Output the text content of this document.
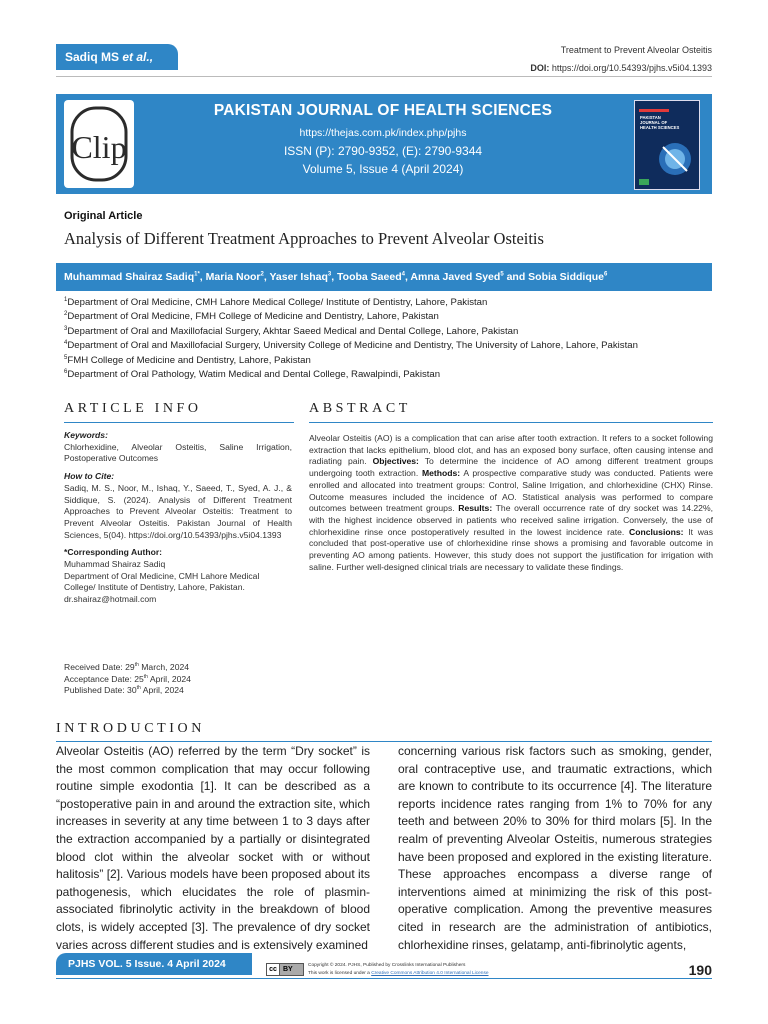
Sadiq MS et al.,	Treatment to Prevent Alveolar Osteitis
DOI: https://doi.org/10.54393/pjhs.v5i04.1393
Clip
PAKISTAN JOURNAL OF HEALTH SCIENCES
https://thejas.com.pk/index.php/pjhs
ISSN (P): 2790-9352, (E): 2790-9344
Volume 5, Issue 4 (April 2024)
PAKISTAN
JOURNAL OF
HEALTH SCIENCES
Original Article
Analysis of Different Treatment Approaches to Prevent Alveolar Osteitis
Muhammad Shairaz Sadiq$^{1*}$, Maria Noor$^2$, Yaser Ishaq$^3$, Tooba Saeed$^4$, Amna Javed Syed$^5$ and Sobia Siddique$^6$
$^1$Department of Oral Medicine, CMH Lahore Medical College/ Institute of Dentistry, Lahore, Pakistan
$^2$Department of Oral Medicine, FMH College of Medicine and Dentistry, Lahore, Pakistan
$^3$Department of Oral and Maxillofacial Surgery, Akhtar Saeed Medical and Dental College, Lahore, Pakistan
$^4$Department of Oral and Maxillofacial Surgery, University College of Medicine and Dentistry, The University of Lahore, Lahore, Pakistan
$^5$FMH College of Medicine and Dentistry, Lahore, Pakistan
$^6$Department of Oral Pathology, Watim Medical and Dental College, Rawalpindi, Pakistan
ARTICLE INFO	ABSTRACT
Keywords:
Chlorhexidine, Alveolar Osteitis, Saline Irrigation, Postoperative Outcomes
How to Cite:
Sadiq, M. S., Noor, M., Ishaq, Y., Saeed, T., Syed, A. J., & Siddique, S. (2024). Analysis of Different Treatment Approaches to Prevent Alveolar Osteitis: Treatment to Prevent Alveolar Osteitis. Pakistan Journal of Health Sciences, 5(04). https://doi.org/10.54393/pjhs.v5i04.1393
*Corresponding Author:
Muhammad Shairaz Sadiq
Department of Oral Medicine, CMH Lahore Medical College/ Institute of Dentistry, Lahore, Pakistan.
dr.shairaz@hotmail.com
Received Date: 29th March, 2024
Acceptance Date: 25th April, 2024
Published Date: 30th April, 2024
Alveolar Osteitis (AO) is a complication that can arise after tooth extraction. It refers to a socket following extraction that lacks epithelium, blood clot, and has an exposed bony surface, often causing intense and radiating pain. Objectives: To determine the incidence of AO among different treatment groups undergoing tooth extraction. Methods: A prospective comparative study was conducted. Patients were enrolled and allocated into treatment groups: Control, Saline Irrigation, and chlorhexidine (CHX) Rinse. Outcome measures included the incidence of AO. Statistical analysis was performed to compare outcomes between treatment groups. Results: The overall occurrence rate of dry socket was 14.22%, with the highest incidence observed in patients who received saline irrigation. Conversely, the use of chlorhexidine rinse once postoperatively resulted in the lowest incidence rate. Conclusions: It was concluded that post-operative use of chlorhexidine rinse shows a promising and favorable outcome in preventing AO among patients. However, this study does not support the justification for irrigation with saline. Further well-designed clinical trials are necessary to validate these findings.
INTRODUCTION
Alveolar Osteitis (AO) referred by the term “Dry socket” is the most common complication that may occur following routine simple exodontia [1]. It can be described as a “postoperative pain in and around the extraction site, which increases in severity at any time between 1 to 3 days after the extraction accompanied by a partially or disintegrated blood clot within the alveolar socket with or without halitosis” [2]. Various models have been proposed about its pathogenesis, which elucidates the role of plasmin-associated fibrinolytic activity in the breakdown of blood clots, is widely accepted [3]. The prevalence of dry socket varies across different studies and is extensively examined
concerning various risk factors such as smoking, gender, oral contraceptive use, and traumatic extractions, which are known to contribute to its occurrence [4]. The literature reports incidence rates ranging from 1% to 70% for any teeth and between 20% to 30% for third molars [5]. In the realm of preventing Alveolar Osteitis, numerous strategies have been proposed and explored in the existing literature. These approaches encompass a diverse range of interventions aimed at minimizing the risk of this post-operative complication. Among the preventive measures cited in research are the administration of antibiotics, chlorhexidine rinses, gelatamp, anti-fibrinolytic agents,
PJHS VOL. 5 Issue. 4 April 2024	cc BY
Copyright © 2024. PJHS, Published by Crosslinks International Publishers
This work is licensed under a Creative Commons Attribution 4.0 International License	190
